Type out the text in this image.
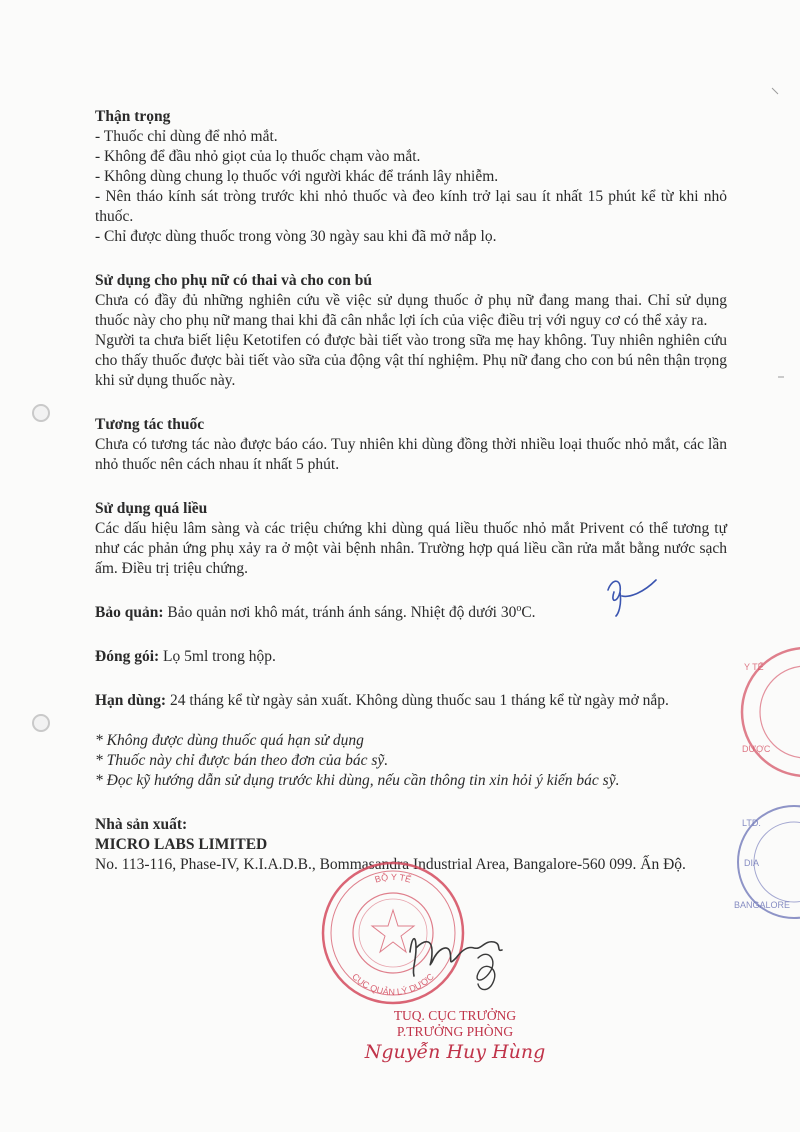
Thận trọng

- Thuốc chỉ dùng để nhỏ mắt.

- Không để đầu nhỏ giọt của lọ thuốc chạm vào mắt.

- Không dùng chung lọ thuốc với người khác để tránh lây nhiễm.

- Nên tháo kính sát tròng trước khi nhỏ thuốc và đeo kính trở lại sau ít nhất 15 phút kể từ khi nhỏ thuốc.

- Chỉ được dùng thuốc trong vòng 30 ngày sau khi đã mở nắp lọ.

Sử dụng cho phụ nữ có thai và cho con bú

Chưa có đầy đủ những nghiên cứu về việc sử dụng thuốc ở phụ nữ đang mang thai. Chỉ sử dụng thuốc này cho phụ nữ mang thai khi đã cân nhắc lợi ích của việc điều trị với nguy cơ có thể xảy ra.

Người ta chưa biết liệu Ketotifen có được bài tiết vào trong sữa mẹ hay không. Tuy nhiên nghiên cứu cho thấy thuốc được bài tiết vào sữa của động vật thí nghiệm. Phụ nữ đang cho con bú nên thận trọng khi sử dụng thuốc này.

Tương tác thuốc

Chưa có tương tác nào được báo cáo. Tuy nhiên khi dùng đồng thời nhiều loại thuốc nhỏ mắt, các lần nhỏ thuốc nên cách nhau ít nhất 5 phút.

Sử dụng quá liều

Các dấu hiệu lâm sàng và các triệu chứng khi dùng quá liều thuốc nhỏ mắt Privent có thể tương tự như các phản ứng phụ xảy ra ở một vài bệnh nhân. Trường hợp quá liều cần rửa mắt bằng nước sạch ấm. Điều trị triệu chứng.

Bảo quản: Bảo quản nơi khô mát, tránh ánh sáng. Nhiệt độ dưới 30$^o$C.

Đóng gói: Lọ 5ml trong hộp.

Hạn dùng: 24 tháng kể từ ngày sản xuất. Không dùng thuốc sau 1 tháng kể từ ngày mở nắp.

* Không được dùng thuốc quá hạn sử dụng

* Thuốc này chỉ được bán theo đơn của bác sỹ.

* Đọc kỹ hướng dẫn sử dụng trước khi dùng, nếu cần thông tin xin hỏi ý kiến bác sỹ.

Nhà sản xuất:

MICRO LABS LIMITED

No. 113-116, Phase-IV, K.I.A.D.B., Bommasandra Industrial Area, Bangalore-560 099. Ấn Độ.

Y TẾ
DƯỢC
LTD.
DIA
BANGALORE
BỘ Y TẾ
CỤC QUẢN LÝ DƯỢC
TUQ. CỤC TRƯỞNG
P.TRƯỞNG PHÒNG
Nguyễn Huy Hùng
